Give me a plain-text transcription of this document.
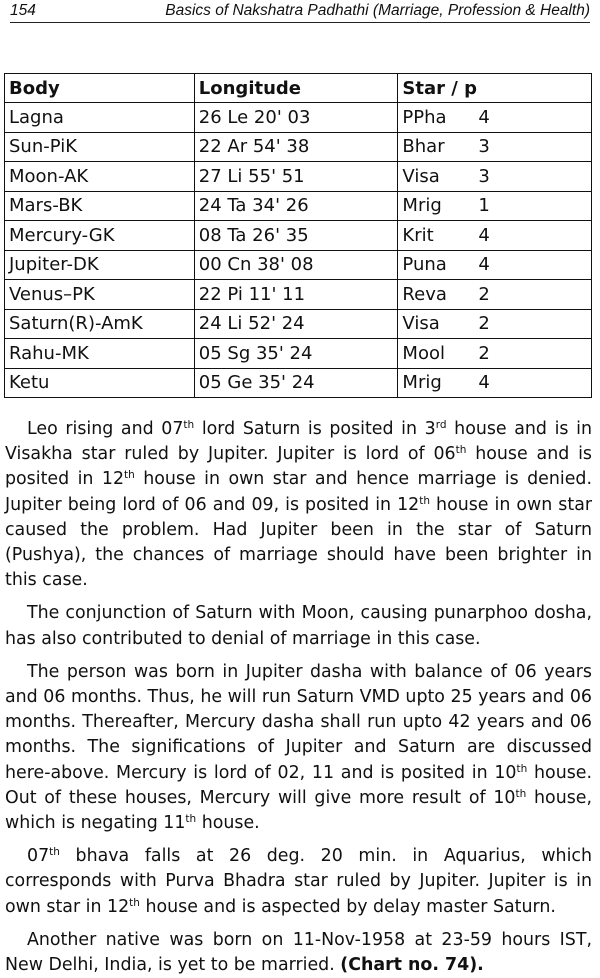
154	Basics of Nakshatra Padhathi (Marriage, Profession & Health)
Body	Longitude	Star / p
Lagna	26 Le 20' 03	PPha 4

Sun-PiK	22 Ar 54' 38	Bhar 3

Moon-AK	27 Li 55' 51	Visa 3

Mars-BK	24 Ta 34' 26	Mrig 1

Mercury-GK	08 Ta 26' 35	Krit 4

Jupiter-DK	00 Cn 38' 08	Puna 4

Venus–PK	22 Pi 11' 11	Reva 2

Saturn(R)-AmK	24 Li 52' 24	Visa 2

Rahu-MK	05 Sg 35' 24	Mool 2

Ketu	05 Ge 35' 24	Mrig 4

Leo rising and 07th lord Saturn is posited in 3rd house and is in Visakha star ruled by Jupiter. Jupiter is lord of 06th house and is posited in 12th house in own star and hence marriage is denied. Jupiter being lord of 06 and 09, is posited in 12th house in own star caused the problem. Had Jupiter been in the star of Saturn (Pushya), the chances of marriage should have been brighter in this case.

The conjunction of Saturn with Moon, causing punarphoo dosha, has also contributed to denial of marriage in this case.

The person was born in Jupiter dasha with balance of 06 years and 06 months. Thus, he will run Saturn VMD upto 25 years and 06 months. Thereafter, Mercury dasha shall run upto 42 years and 06 months. The significations of Jupiter and Saturn are discussed here-above. Mercury is lord of 02, 11 and is posited in 10th house. Out of these houses, Mercury will give more result of 10th house, which is negating 11th house.

07th bhava falls at 26 deg. 20 min. in Aquarius, which corresponds with Purva Bhadra star ruled by Jupiter. Jupiter is in own star in 12th house and is aspected by delay master Saturn.

Another native was born on 11-Nov-1958 at 23-59 hours IST, New Delhi, India, is yet to be married. (Chart no. 74).
